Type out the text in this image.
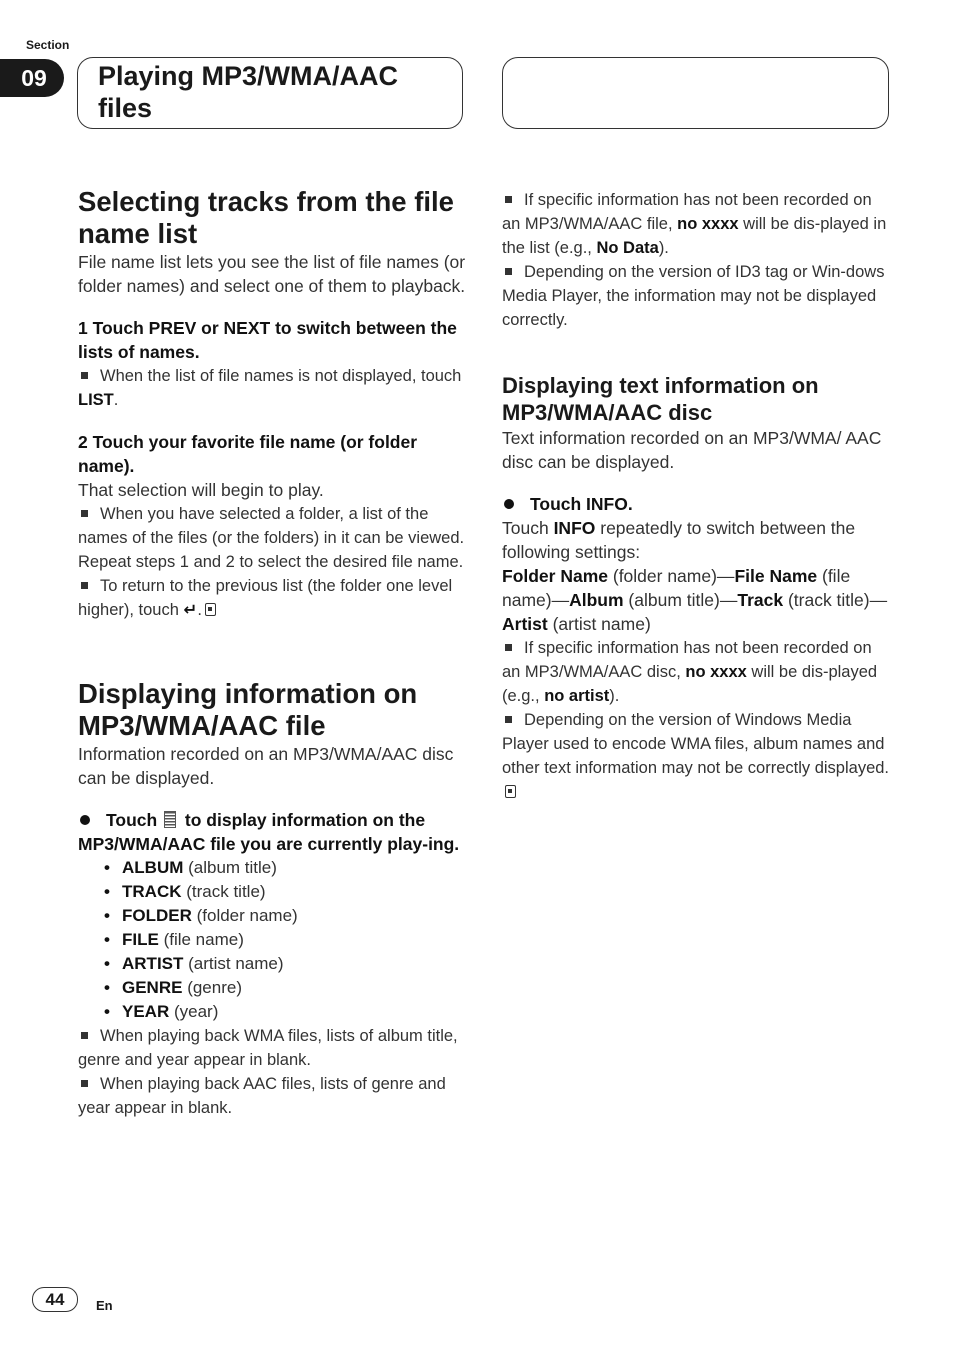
Section
09	Playing MP3/WMA/AAC files

Selecting tracks from the file name list

File name list lets you see the list of file names (or folder names) and select one of them to playback.

1 Touch PREV or NEXT to switch between the lists of names.

When the list of file names is not displayed, touch LIST.

2 Touch your favorite file name (or folder name).

That selection will begin to play.

When you have selected a folder, a list of the names of the files (or the folders) in it can be viewed. Repeat steps 1 and 2 to select the desired file name.

To return to the previous list (the folder one level higher), touch ↵.

Displaying information on MP3/WMA/AAC file

Information recorded on an MP3/WMA/AAC disc can be displayed.

Touch  to display information on the MP3/WMA/AAC file you are currently play-ing.

• ALBUM (album title)
• TRACK (track title)
• FOLDER (folder name)
• FILE (file name)
• ARTIST (artist name)
• GENRE (genre)
• YEAR (year)

When playing back WMA files, lists of album title, genre and year appear in blank.

When playing back AAC files, lists of genre and year appear in blank.

If specific information has not been recorded on an MP3/WMA/AAC file, no xxxx will be dis-played in the list (e.g., No Data).

Depending on the version of ID3 tag or Win-dows Media Player, the information may not be displayed correctly.

Displaying text information on MP3/WMA/AAC disc

Text information recorded on an MP3/WMA/ AAC disc can be displayed.

Touch INFO.

Touch INFO repeatedly to switch between the following settings:

Folder Name (folder name)—File Name (file name)—Album (album title)—Track (track title)—Artist (artist name)

If specific information has not been recorded on an MP3/WMA/AAC disc, no xxxx will be dis-played (e.g., no artist).

Depending on the version of Windows Media Player used to encode WMA files, album names and other text information may not be correctly displayed.

44	En
